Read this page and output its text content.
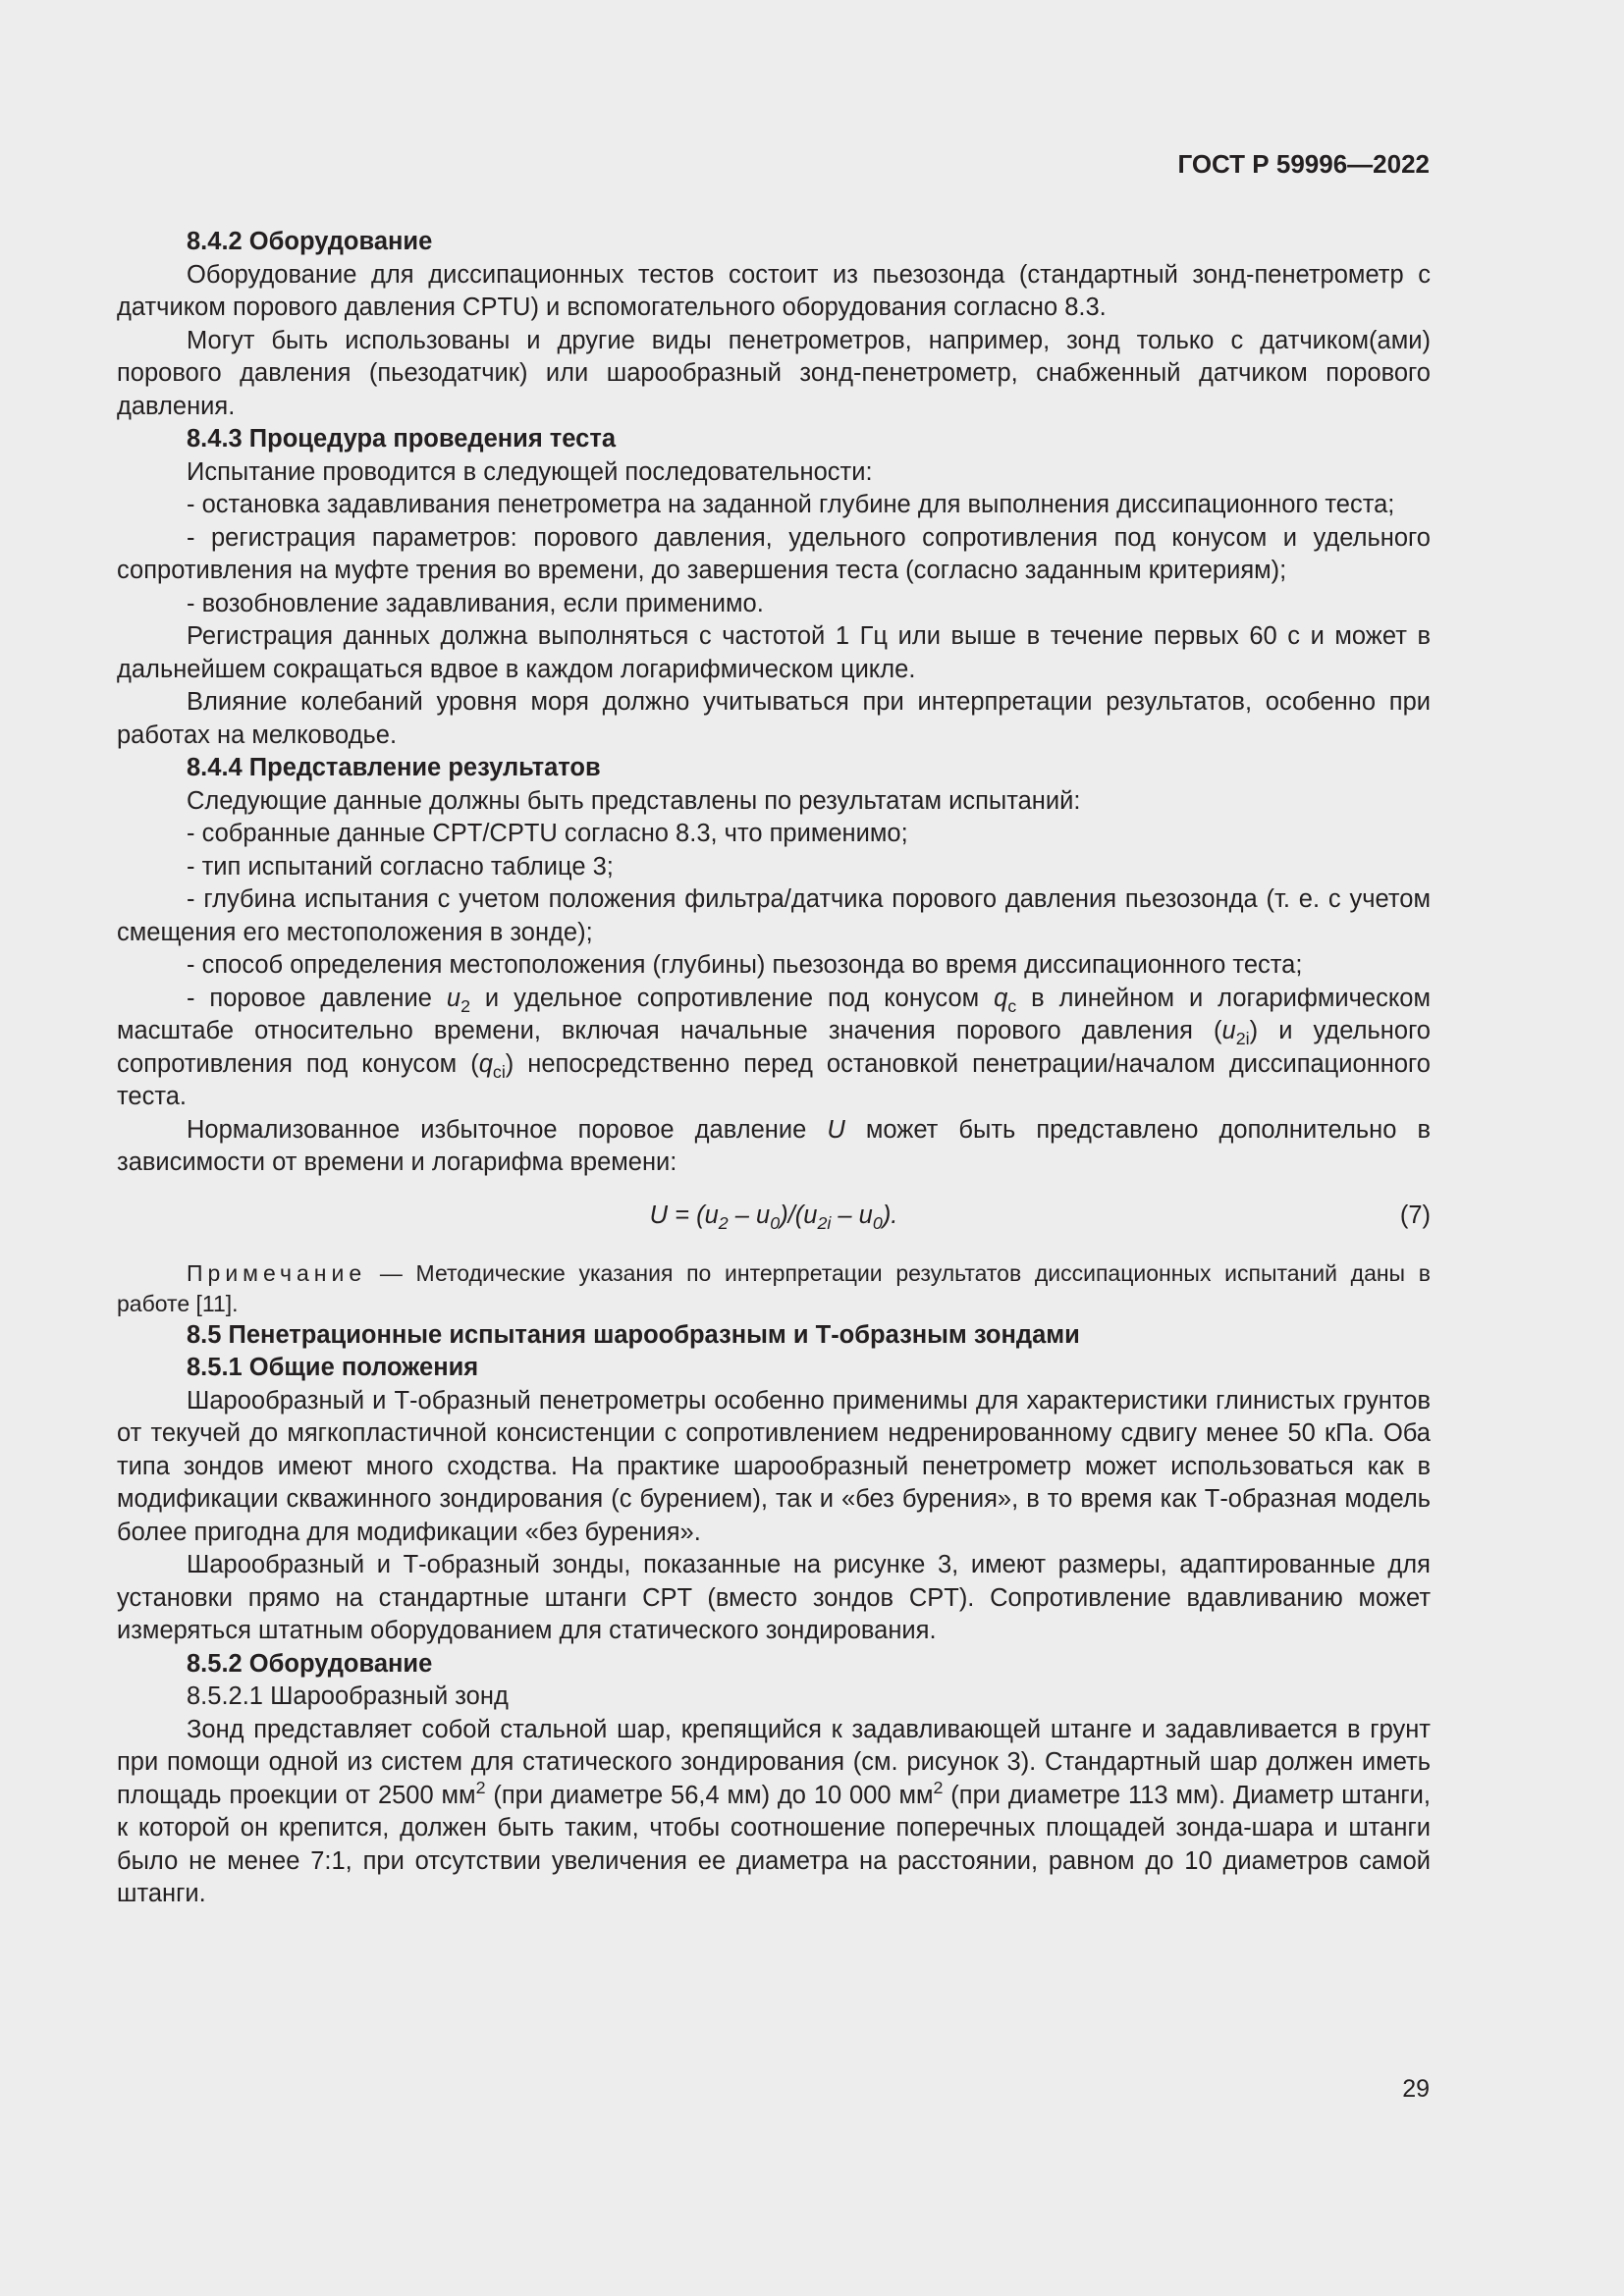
ГОСТ Р 59996—2022

8.4.2 Оборудование

Оборудование для диссипационных тестов состоит из пьезозонда (стандартный зонд-пенетрометр с датчиком порового давления CPTU) и вспомогательного оборудования согласно 8.3.

Могут быть использованы и другие виды пенетрометров, например, зонд только с датчиком(ами) порового давления (пьезодатчик) или шарообразный зонд-пенетрометр, снабженный датчиком порового давления.

8.4.3 Процедура проведения теста

Испытание проводится в следующей последовательности:

- остановка задавливания пенетрометра на заданной глубине для выполнения диссипационного теста;

- регистрация параметров: порового давления, удельного сопротивления под конусом и удельного сопротивления на муфте трения во времени, до завершения теста (согласно заданным критериям);

- возобновление задавливания, если применимо.

Регистрация данных должна выполняться с частотой 1 Гц или выше в течение первых 60 с и может в дальнейшем сокращаться вдвое в каждом логарифмическом цикле.

Влияние колебаний уровня моря должно учитываться при интерпретации результатов, особенно при работах на мелководье.

8.4.4 Представление результатов

Следующие данные должны быть представлены по результатам испытаний:

- собранные данные CPT/CPTU согласно 8.3, что применимо;

- тип испытаний согласно таблице 3;

- глубина испытания с учетом положения фильтра/датчика порового давления пьезозонда (т. е. с учетом смещения его местоположения в зонде);

- способ определения местоположения (глубины) пьезозонда во время диссипационного теста;

- поровое давление $u_2$ и удельное сопротивление под конусом $q_c$ в линейном и логарифмическом масштабе относительно времени, включая начальные значения порового давления $(u_{2i})$ и удельного сопротивления под конусом $(q_{ci})$ непосредственно перед остановкой пенетрации/началом диссипационного теста.

Нормализованное избыточное поровое давление U может быть представлено дополнительно в зависимости от времени и логарифма времени:

$U = (u_2 - u_0)/(u_{2i} - u_0)$.	(7)

Примечание — Методические указания по интерпретации результатов диссипационных испытаний даны в работе [11].

8.5 Пенетрационные испытания шарообразным и Т-образным зондами

8.5.1 Общие положения

Шарообразный и Т-образный пенетрометры особенно применимы для характеристики глинистых грунтов от текучей до мягкопластичной консистенции с сопротивлением недренированному сдвигу менее 50 кПа. Оба типа зондов имеют много сходства. На практике шарообразный пенетрометр может использоваться как в модификации скважинного зондирования (с бурением), так и «без бурения», в то время как Т-образная модель более пригодна для модификации «без бурения».

Шарообразный и Т-образный зонды, показанные на рисунке 3, имеют размеры, адаптированные для установки прямо на стандартные штанги CPT (вместо зондов CPT). Сопротивление вдавливанию может измеряться штатным оборудованием для статического зондирования.

8.5.2 Оборудование

8.5.2.1 Шарообразный зонд

Зонд представляет собой стальной шар, крепящийся к задавливающей штанге и задавливается в грунт при помощи одной из систем для статического зондирования (см. рисунок 3). Стандартный шар должен иметь площадь проекции от 2500 $мм^2$ (при диаметре 56,4 мм) до 10 000 $мм^2$ (при диаметре 113 мм). Диаметр штанги, к которой он крепится, должен быть таким, чтобы соотношение поперечных площадей зонда-шара и штанги было не менее 7:1, при отсутствии увеличения ее диаметра на расстоянии, равном до 10 диаметров самой штанги.

29
